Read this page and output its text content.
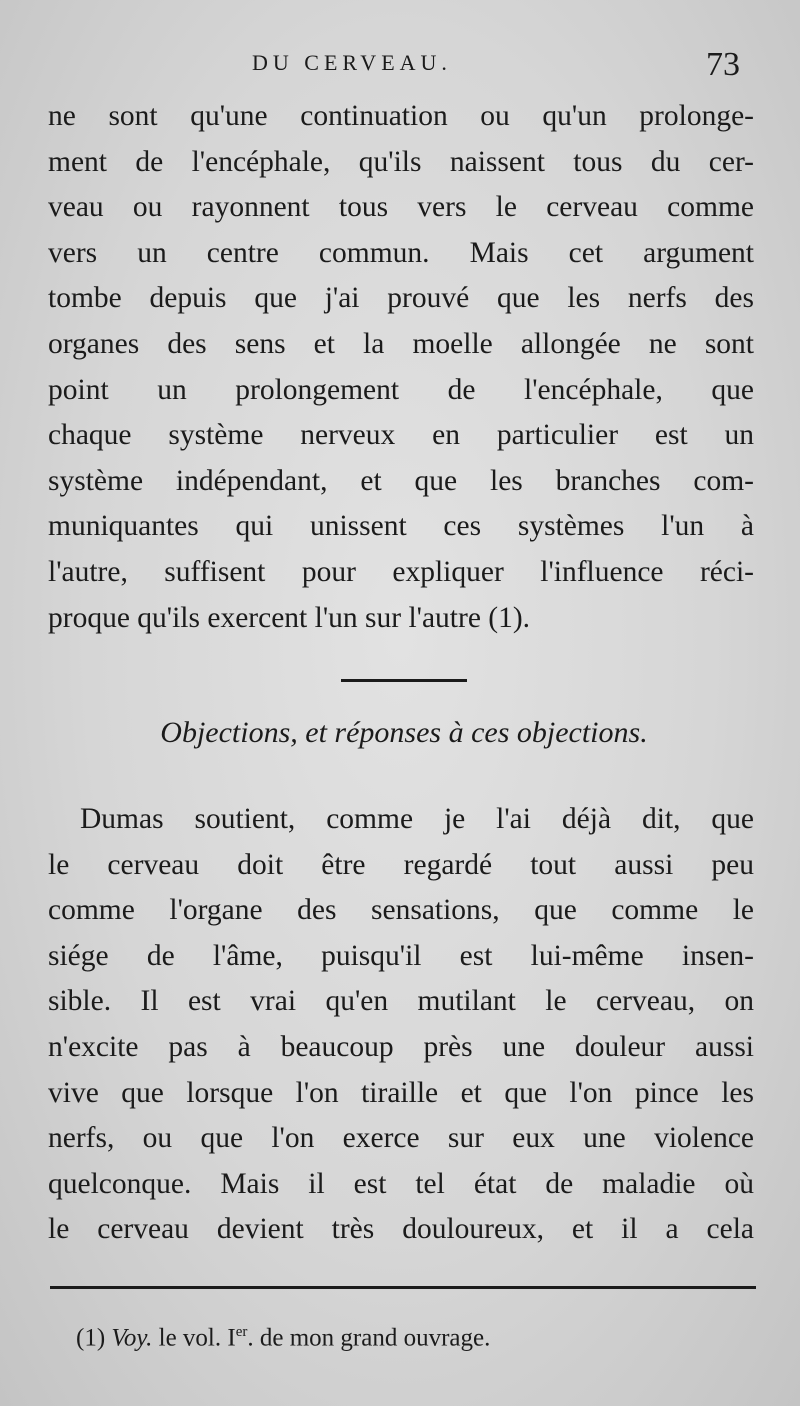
DU CERVEAU.	73
ne sont qu'une continuation ou qu'un prolonge-
ment de l'encéphale, qu'ils naissent tous du cer-
veau ou rayonnent tous vers le cerveau comme
vers un centre commun. Mais cet argument
tombe depuis que j'ai prouvé que les nerfs des
organes des sens et la moelle allongée ne sont
point un prolongement de l'encéphale, que
chaque système nerveux en particulier est un
système indépendant, et que les branches com-
muniquantes qui unissent ces systèmes l'un à
l'autre, suffisent pour expliquer l'influence réci-
proque qu'ils exercent l'un sur l'autre (1).
Objections, et réponses à ces objections.
Dumas soutient, comme je l'ai déjà dit, que
le cerveau doit être regardé tout aussi peu
comme l'organe des sensations, que comme le
siége de l'âme, puisqu'il est lui-même insen-
sible. Il est vrai qu'en mutilant le cerveau, on
n'excite pas à beaucoup près une douleur aussi
vive que lorsque l'on tiraille et que l'on pince les
nerfs, ou que l'on exerce sur eux une violence
quelconque. Mais il est tel état de maladie où
le cerveau devient très douloureux, et il a cela
(1) Voy. le vol. Ier. de mon grand ouvrage.
